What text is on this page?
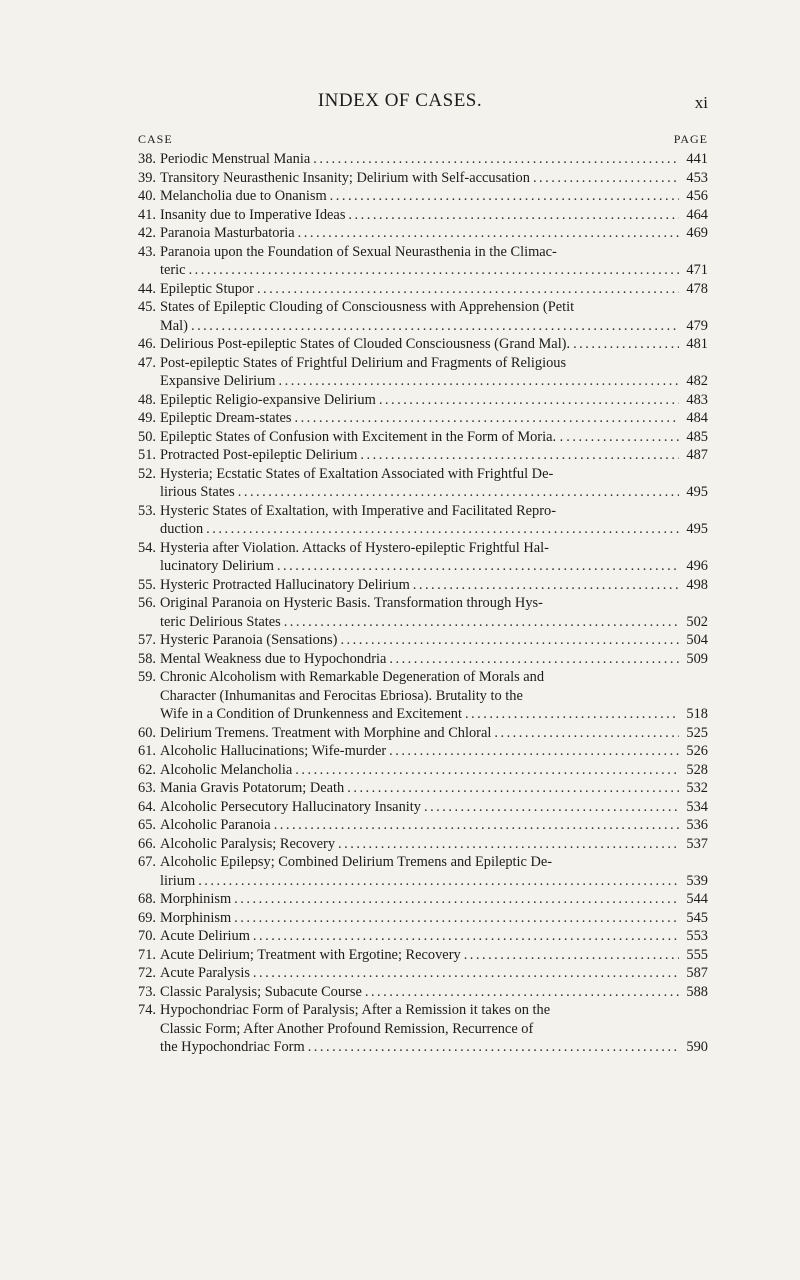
INDEX OF CASES.	xi
CASE	PAGE
38. Periodic Menstrual Mania .....	441
39. Transitory Neurasthenic Insanity; Delirium with Self-accusation .....	453
40. Melancholia due to Onanism .....	456
41. Insanity due to Imperative Ideas .....	464
42. Paranoia Masturbatoria .....	469
43. Paranoia upon the Foundation of Sexual Neurasthenia in the Climac-
teric .....	471
44. Epileptic Stupor .....	478
45. States of Epileptic Clouding of Consciousness with Apprehension (Petit
Mal) .....	479
46. Delirious Post-epileptic States of Clouded Consciousness (Grand Mal). .....	481
47. Post-epileptic States of Frightful Delirium and Fragments of Religious
Expansive Delirium .....	482
48. Epileptic Religio-expansive Delirium .....	483
49. Epileptic Dream-states .....	484
50. Epileptic States of Confusion with Excitement in the Form of Moria. . .....	485
51. Protracted Post-epileptic Delirium .....	487
52. Hysteria; Ecstatic States of Exaltation Associated with Frightful De-
lirious States .....	495
53. Hysteric States of Exaltation, with Imperative and Facilitated Repro-
duction .....	495
54. Hysteria after Violation. Attacks of Hystero-epileptic Frightful Hal-
lucinatory Delirium .....	496
55. Hysteric Protracted Hallucinatory Delirium .....	498
56. Original Paranoia on Hysteric Basis. Transformation through Hys-
teric Delirious States .....	502
57. Hysteric Paranoia (Sensations) .....	504
58. Mental Weakness due to Hypochondria .....	509
59. Chronic Alcoholism with Remarkable Degeneration of Morals and
Character (Inhumanitas and Ferocitas Ebriosa). Brutality to the
Wife in a Condition of Drunkenness and Excitement .....	518
60. Delirium Tremens. Treatment with Morphine and Chloral .....	525
61. Alcoholic Hallucinations; Wife-murder .....	526
62. Alcoholic Melancholia .....	528
63. Mania Gravis Potatorum; Death .....	532
64. Alcoholic Persecutory Hallucinatory Insanity .....	534
65. Alcoholic Paranoia .....	536
66. Alcoholic Paralysis; Recovery .....	537
67. Alcoholic Epilepsy; Combined Delirium Tremens and Epileptic De-
lirium .....	539
68. Morphinism .....	544
69. Morphinism .....	545
70. Acute Delirium .....	553
71. Acute Delirium; Treatment with Ergotine; Recovery .....	555
72. Acute Paralysis .....	587
73. Classic Paralysis; Subacute Course .....	588
74. Hypochondriac Form of Paralysis; After a Remission it takes on the
Classic Form; After Another Profound Remission, Recurrence of
the Hypochondriac Form .....	590
